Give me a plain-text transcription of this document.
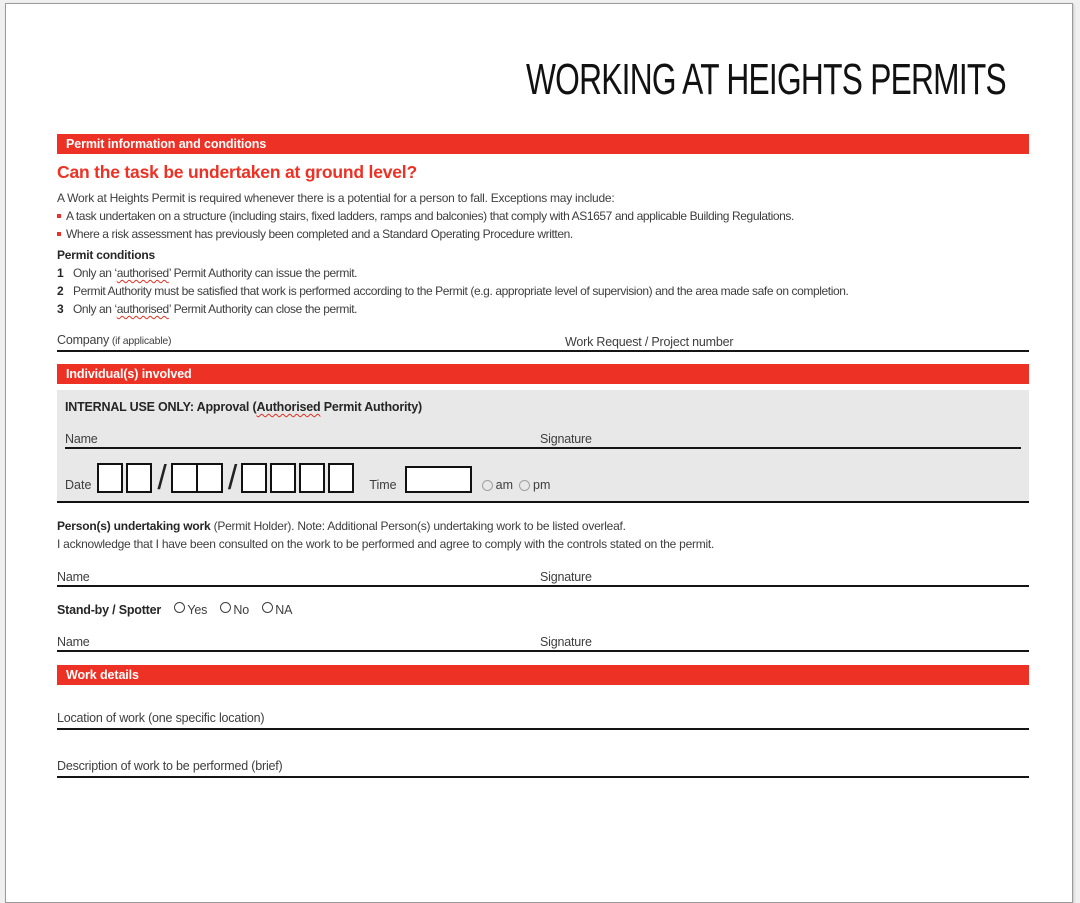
WORKING AT HEIGHTS PERMITS
Permit information and conditions
Can the task be undertaken at ground level?
A Work at Heights Permit is required whenever there is a potential for a person to fall. Exceptions may include:
A task undertaken on a structure (including stairs, fixed ladders, ramps and balconies) that comply with AS1657 and applicable Building Regulations.
Where a risk assessment has previously been completed and a Standard Operating Procedure written.
Permit conditions
1 Only an ‘authorised’ Permit Authority can issue the permit.
2 Permit Authority must be satisfied that work is performed according to the Permit (e.g. appropriate level of supervision) and the area made safe on completion.
3 Only an ‘authorised’ Permit Authority can close the permit.
Company (if applicable)	Work Request / Project number
Individual(s) involved
INTERNAL USE ONLY: Approval (Authorised Permit Authority)
Name	Signature
Date / /	Time	am pm
Person(s) undertaking work (Permit Holder). Note: Additional Person(s) undertaking work to be listed overleaf.
I acknowledge that I have been consulted on the work to be performed and agree to comply with the controls stated on the permit.
Name	Signature
Stand-by / Spotter Yes No NA
Name	Signature
Work details
Location of work (one specific location)
Description of work to be performed (brief)
